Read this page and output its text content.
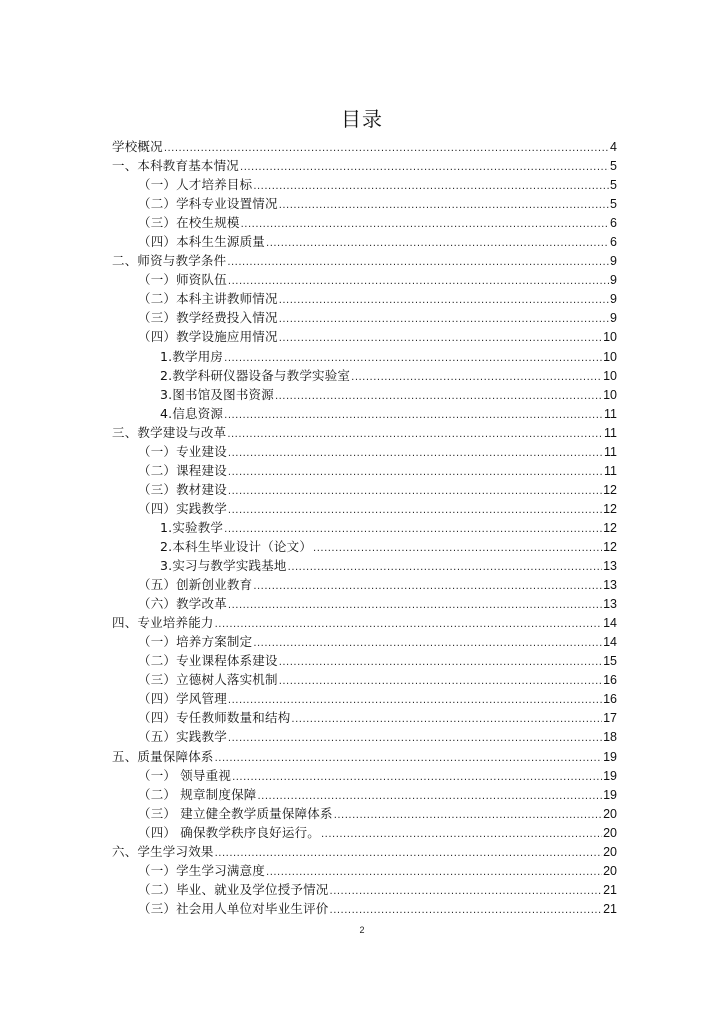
目录
学校概况 .....	4
一、本科教育基本情况 .....	5
（一）人才培养目标 .....	5
（二）学科专业设置情况 .....	5
（三）在校生规模 .....	6
（四）本科生生源质量 .....	6
二、师资与教学条件 .....	9
（一）师资队伍 .....	9
（二）本科主讲教师情况 .....	9
（三）教学经费投入情况 .....	9
（四）教学设施应用情况 .....	10
1.教学用房 .....	10
2.教学科研仪器设备与教学实验室 .....	10
3.图书馆及图书资源 .....	10
4.信息资源 .....	11
三、教学建设与改革 .....	11
（一）专业建设 .....	11
（二）课程建设 .....	11
（三）教材建设 .....	12
（四）实践教学 .....	12
1.实验教学 .....	12
2.本科生毕业设计（论文） .....	12
3.实习与教学实践基地 .....	13
（五）创新创业教育 .....	13
（六）教学改革 .....	13
四、专业培养能力 .....	14
（一）培养方案制定 .....	14
（二）专业课程体系建设 .....	15
（三）立德树人落实机制 .....	16
（四）学风管理 .....	16
（四）专任教师数量和结构 .....	17
（五）实践教学 .....	18
五、质量保障体系 .....	19
（一） 领导重视 .....	19
（二） 规章制度保障 .....	19
（三） 建立健全教学质量保障体系 .....	20
（四） 确保教学秩序良好运行。 .....	20
六、学生学习效果 .....	20
（一）学生学习满意度 .....	20
（二）毕业、就业及学位授予情况 .....	21
（三）社会用人单位对毕业生评价 .....	21
2
